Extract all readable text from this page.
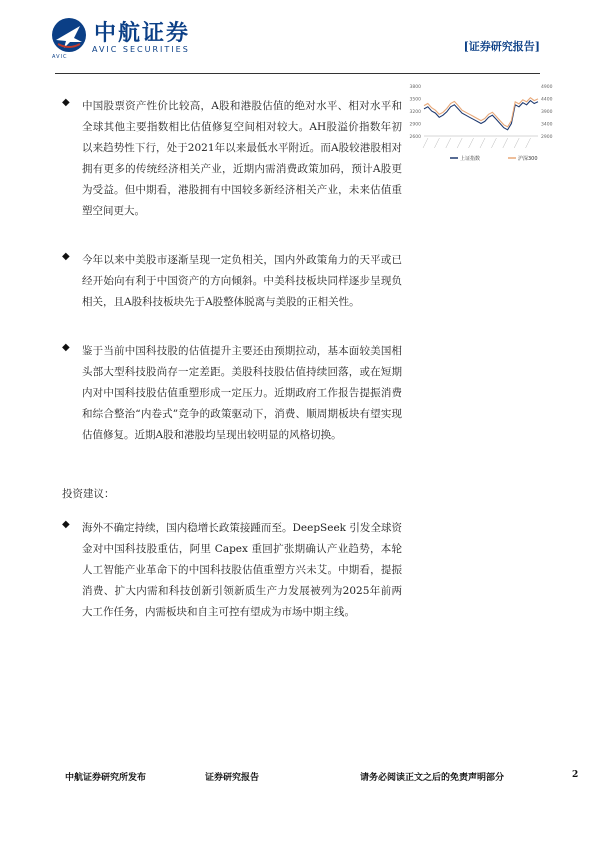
中航证券
AVIC SECURITIES
AVIC
[证券研究报告]
◆ 中国股票资产性价比较高，A股和港股估值的绝对水平、相对水平和全球其他主要指数相比估值修复空间相对较大。AH股溢价指数年初以来趋势性下行，处于2021年以来最低水平附近。而A股较港股相对拥有更多的传统经济相关产业，近期内需消费政策加码，预计A股更为受益。但中期看，港股拥有中国较多新经济相关产业，未来估值重塑空间更大。
◆ 今年以来中美股市逐渐呈现一定负相关，国内外政策角力的天平或已经开始向有利于中国资产的方向倾斜。中美科技板块同样逐步呈现负相关，且A股科技板块先于A股整体脱离与美股的正相关性。
◆ 鉴于当前中国科技股的估值提升主要还由预期拉动，基本面较美国相头部大型科技股尚存一定差距。美股科技股估值持续回落，或在短期内对中国科技股估值重塑形成一定压力。近期政府工作报告提振消费和综合整治“内卷式”竞争的政策驱动下，消费、顺周期板块有望实现估值修复。近期A股和港股均呈现出较明显的风格切换。
投资建议：
◆ 海外不确定持续，国内稳增长政策接踵而至。DeepSeek 引发全球资金对中国科技股重估，阿里 Capex 重回扩张期确认产业趋势，本轮人工智能产业革命下的中国科技股估值重塑方兴未艾。中期看，提振消费、扩大内需和科技创新引领新质生产力发展被列为2025年前两大工作任务，内需板块和自主可控有望成为市场中期主线。
3800
3500
3200
2900
2600
4900
4400
3900
3400
2900
上证指数	沪深300
中航证券研究所发布	证券研究报告	请务必阅读正文之后的免责声明部分	2
